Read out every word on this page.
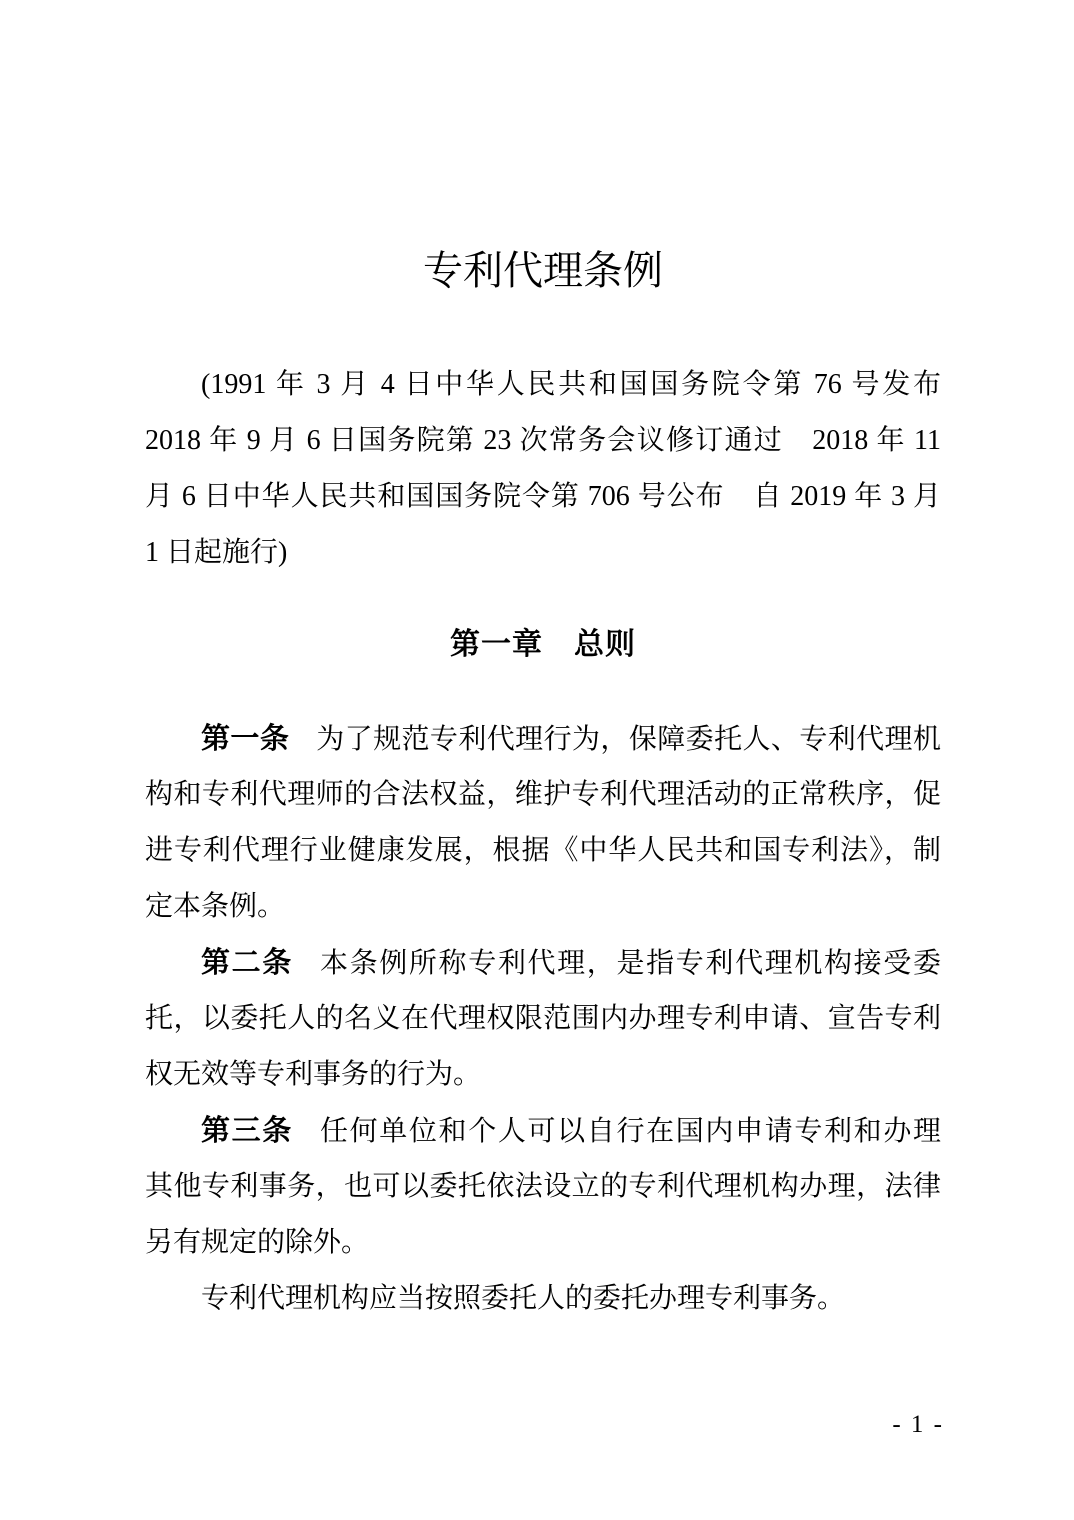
专利代理条例
(1991 年 3 月 4 日中华人民共和国国务院令第 76 号发布
2018 年 9 月 6 日国务院第 23 次常务会议修订通过　2018 年 11
月 6 日中华人民共和国国务院令第 706 号公布　自 2019 年 3 月
1 日起施行)
第一章　总则
第一条 为了规范专利代理行为，保障委托人、专利代理机
构和专利代理师的合法权益，维护专利代理活动的正常秩序，促
进专利代理行业健康发展，根据《中华人民共和国专利法》，制
定本条例。
第二条 本条例所称专利代理，是指专利代理机构接受委
托，以委托人的名义在代理权限范围内办理专利申请、宣告专利
权无效等专利事务的行为。
第三条 任何单位和个人可以自行在国内申请专利和办理
其他专利事务，也可以委托依法设立的专利代理机构办理，法律
另有规定的除外。
专利代理机构应当按照委托人的委托办理专利事务。
- 1 -
